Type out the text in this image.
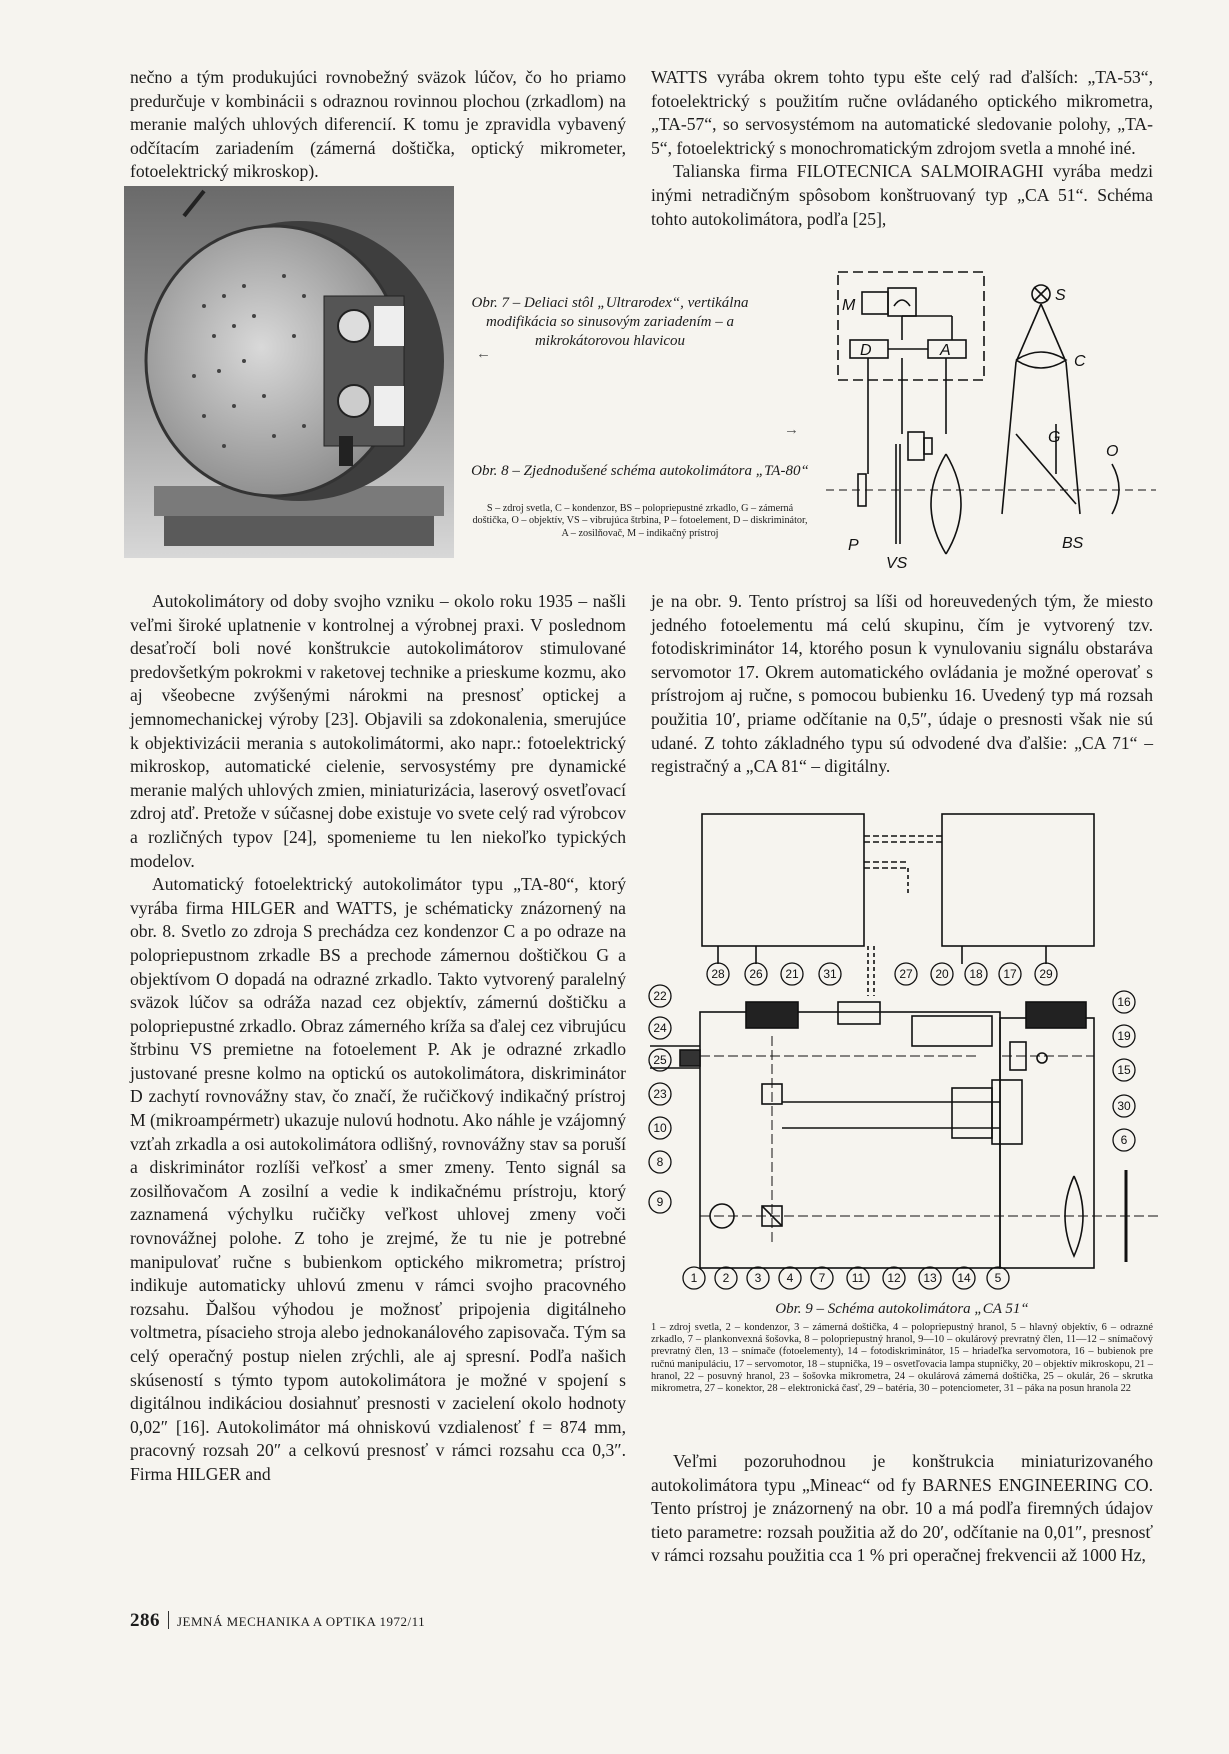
nečno a tým produkujúci rovnobežný sväzok lúčov, čo ho priamo predurčuje v kombinácii s odraznou rovinnou plochou (zrkadlom) na meranie malých uhlových diferencií. K tomu je zpravidla vybavený odčítacím zariadením (zámerná doštička, optický mikrometer, fotoelektrický mikroskop).

WATTS vyrába okrem tohto typu ešte celý rad ďalších: „TA-53“, fotoelektrický s použitím ručne ovládaného optického mikrometra, „TA-57“, so servosystémom na automatické sledovanie polohy, „TA-5“, fotoelektrický s monochromatickým zdrojom svetla a mnohé iné.

Talianska firma FILOTECNICA SALMOIRAGHI vyrába medzi inými netradičným spôsobom konštruovaný typ „CA 51“. Schéma tohto autokolimátora, podľa [25],

Obr. 7 – Deliaci stôl „Ultrarodex“, vertikálna modifikácia so sinusovým zariadením – a mikrokátorovou hlavicou
←
M
D	A
S
C
G
O
P
VS
BS
→
Obr. 8 – Zjednodušené schéma autokolimátora „TA-80“
S – zdroj svetla, C – kondenzor, BS – polopriepustné zrkadlo, G – zámerná doštička, O – objektív, VS – vibrujúca štrbina, P – fotoelement, D – diskriminátor, A – zosilňovač, M – indikačný prístroj

Autokolimátory od doby svojho vzniku – okolo roku 1935 – našli veľmi široké uplatnenie v kontrolnej a výrobnej praxi. V poslednom desaťročí boli nové konštrukcie autokolimátorov stimulované predovšetkým pokrokmi v raketovej technike a prieskume kozmu, ako aj všeobecne zvýšenými nárokmi na presnosť optickej a jemnomechanickej výroby [23]. Objavili sa zdokonalenia, smerujúce k objektivizácii merania s autokolimátormi, ako napr.: fotoelektrický mikroskop, automatické cielenie, servosystémy pre dynamické meranie malých uhlových zmien, miniaturizácia, laserový osvetľovací zdroj atď. Pretože v súčasnej dobe existuje vo svete celý rad výrobcov a rozličných typov [24], spomenieme tu len niekoľko typických modelov.

Automatický fotoelektrický autokolimátor typu „TA-80“, ktorý vyrába firma HILGER and WATTS, je schématicky znázornený na obr. 8. Svetlo zo zdroja S prechádza cez kondenzor C a po odraze na polopriepustnom zrkadle BS a prechode zámernou doštičkou G a objektívom O dopadá na odrazné zrkadlo. Takto vytvorený paralelný sväzok lúčov sa odráža nazad cez objektív, zámernú doštičku a polopriepustné zrkadlo. Obraz zámerného kríža sa ďalej cez vibrujúcu štrbinu VS premietne na fotoelement P. Ak je odrazné zrkadlo justované presne kolmo na optickú os autokolimátora, diskriminátor D zachytí rovnovážny stav, čo značí, že ručičkový indikačný prístroj M (mikroampérmetr) ukazuje nulovú hodnotu. Ako náhle je vzájomný vzťah zrkadla a osi autokolimátora odlišný, rovnovážny stav sa poruší a diskriminátor rozlíši veľkosť a smer zmeny. Tento signál sa zosilňovačom A zosilní a vedie k indikačnému prístroju, ktorý zaznamená výchylku ručičky veľkost uhlovej zmeny voči rovnovážnej polohe. Z toho je zrejmé, že tu nie je potrebné manipulovať ručne s bubienkom optického mikrometra; prístroj indikuje automaticky uhlovú zmenu v rámci svojho pracovného rozsahu. Ďalšou výhodou je možnosť pripojenia digitálneho voltmetra, písacieho stroja alebo jednokanálového zapisovača. Tým sa celý operačný postup nielen zrýchli, ale aj spresní. Podľa našich skúseností s týmto typom autokolimátora je možné v spojení s digitálnou indikáciou dosiahnuť presnosti v zacielení okolo hodnoty 0,02″ [16]. Autokolimátor má ohniskovú vzdialenosť f = 874 mm, pracovný rozsah 20″ a celkovú presnosť v rámci rozsahu cca 0,3″. Firma HILGER and

je na obr. 9. Tento prístroj sa líši od horeuvedených tým, že miesto jedného fotoelementu má celú skupinu, čím je vytvorený tzv. fotodiskriminátor 14, ktorého posun k vynulovaniu signálu obstaráva servomotor 17. Okrem automatického ovládania je možné operovať s prístrojom aj ručne, s pomocou bubienku 16. Uvedený typ má rozsah použitia 10′, priame odčítanie na 0,5″, údaje o presnosti však nie sú udané. Z tohto základného typu sú odvodené dva ďalšie: „CA 71“ – registračný a „CA 81“ – digitálny.

28 26 21 31	27 20 18 17 29
22
24
25
23
10
8
9
16
19
15
30
6
1 2 3 4 7 11 12 13 14 5
Obr. 9 – Schéma autokolimátora „CA 51“
1 – zdroj svetla, 2 – kondenzor, 3 – zámerná doštička, 4 – polopriepustný hranol, 5 – hlavný objektív, 6 – odrazné zrkadlo, 7 – plankonvexná šošovka, 8 – polopriepustný hranol, 9—10 – okulárový prevratný člen, 11—12 – snímačový prevratný člen, 13 – snímače (fotoelementy), 14 – fotodiskriminátor, 15 – hriadeľka servomotora, 16 – bubienok pre ručnú manipuláciu, 17 – servomotor, 18 – stupnička, 19 – osvetľovacia lampa stupničky, 20 – objektív mikroskopu, 21 – hranol, 22 – posuvný hranol, 23 – šošovka mikrometra, 24 – okulárová zámerná doštička, 25 – okulár, 26 – skrutka mikrometra, 27 – konektor, 28 – elektronická časť, 29 – batéria, 30 – potenciometer, 31 – páka na posun hranola 22

Veľmi pozoruhodnou je konštrukcia miniaturizovaného autokolimátora typu „Mineac“ od fy BARNES ENGINEERING CO. Tento prístroj je znázornený na obr. 10 a má podľa firemných údajov tieto parametre: rozsah použitia až do 20′, odčítanie na 0,01″, presnosť v rámci rozsahu použitia cca 1 % pri operačnej frekvencii až 1000 Hz,

286 JEMNÁ MECHANIKA A OPTIKA 1972/11
